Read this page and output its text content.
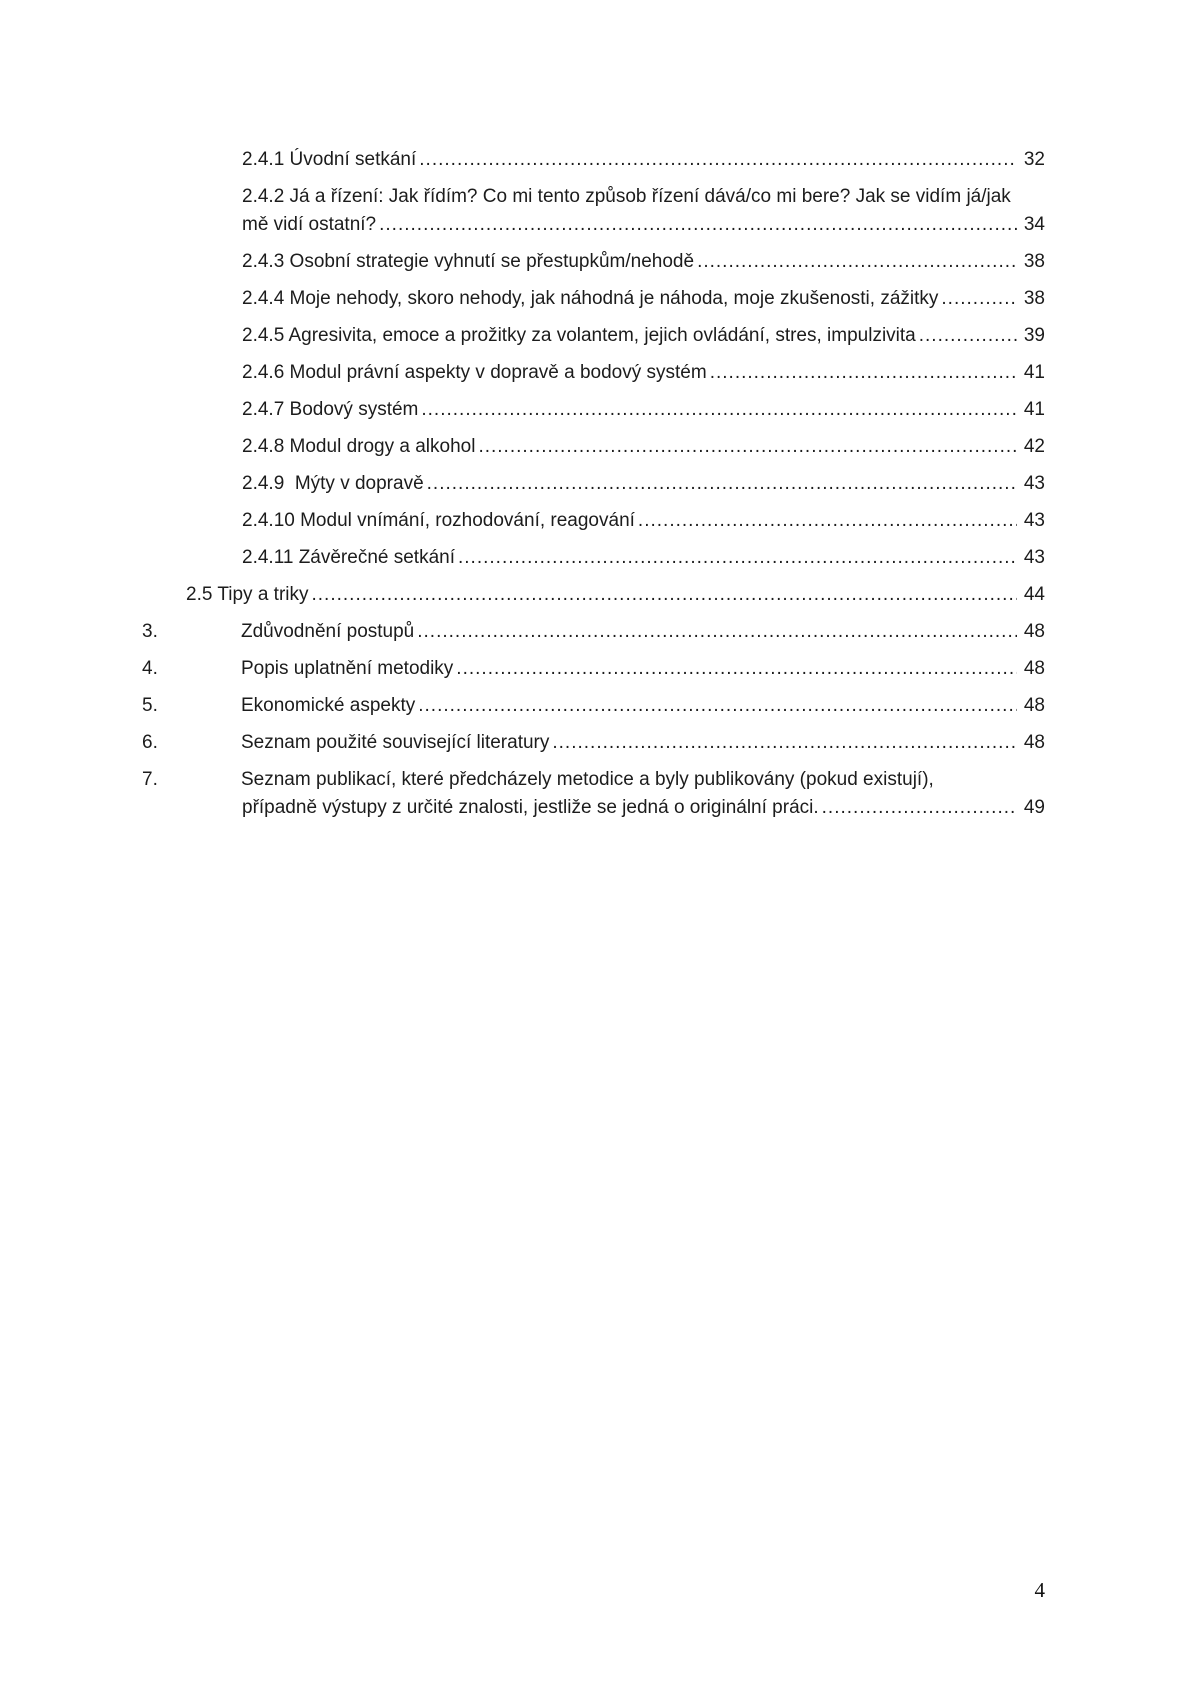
2.4.1 Úvodní setkání .....	32
2.4.2 Já a řízení: Jak řídím? Co mi tento způsob řízení dává/co mi bere? Jak se vidím já/jak
mě vidí ostatní? .....	34
2.4.3 Osobní strategie vyhnutí se přestupkům/nehodě .....	38
2.4.4 Moje nehody, skoro nehody, jak náhodná je náhoda, moje zkušenosti, zážitky .....	38
2.4.5 Agresivita, emoce a prožitky za volantem, jejich ovládání, stres, impulzivita .....	39
2.4.6 Modul právní aspekty v dopravě a bodový systém .....	41
2.4.7 Bodový systém .....	41
2.4.8 Modul drogy a alkohol .....	42
2.4.9  Mýty v dopravě .....	43
2.4.10 Modul vnímání, rozhodování, reagování .....	43
2.4.11 Závěrečné setkání .....	43
2.5 Tipy a triky .....	44
3.	Zdůvodnění postupů .....	48
4.	Popis uplatnění metodiky .....	48
5.	Ekonomické aspekty .....	48
6.	Seznam použité související literatury .....	48
7.	Seznam publikací, které předcházely metodice a byly publikovány (pokud existují),
případně výstupy z určité znalosti, jestliže se jedná o originální práci. .....	49
4
